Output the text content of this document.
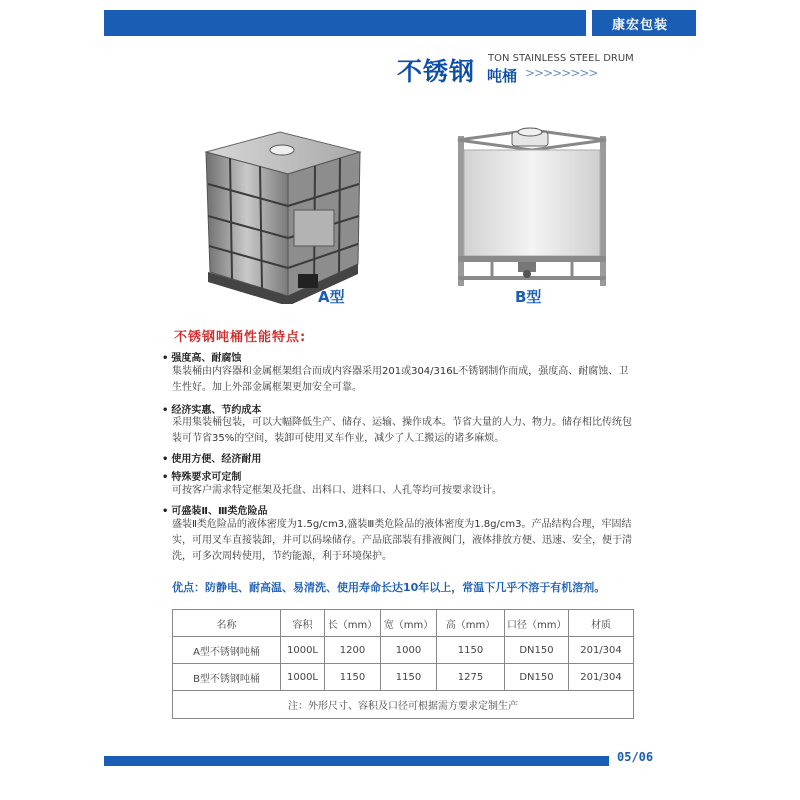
康宏包装
不锈钢 TON STAINLESS STEEL DRUM
吨桶 >>>>>>>>
A型	B型
不锈钢吨桶性能特点:
• 强度高、耐腐蚀
集装桶由内容器和金属框架组合而成内容器采用201或304/316L不锈钢制作而成，强度高、耐腐蚀、卫生性好。加上外部金属框架更加安全可靠。
• 经济实惠、节约成本
采用集装桶包装，可以大幅降低生产、储存、运输、操作成本。节省大量的人力、物力。储存相比传统包装可节省35%的空间，装卸可使用叉车作业，减少了人工搬运的诸多麻烦。
• 使用方便、经济耐用
• 特殊要求可定制
可按客户需求特定框架及托盘、出料口、进料口、人孔等均可按要求设计。
• 可盛装Ⅱ、Ⅲ类危险品
盛装Ⅱ类危险品的液体密度为1.5g/cm3,盛装Ⅲ类危险品的液体密度为1.8g/cm3。产品结构合理，牢固结实，可用叉车直接装卸，并可以码垛储存。产品底部装有排液阀门，液体排放方便、迅速、安全，便于清洗，可多次周转使用，节约能源，利于环境保护。
优点：防静电、耐高温、易清洗、使用寿命长达10年以上，常温下几乎不溶于有机溶剂。
名称	容积	长（mm）	宽（mm）	高（mm）	口径（mm）	材质
A型不锈钢吨桶	1000L	1200	1000	1150	DN150	201/304
B型不锈钢吨桶	1000L	1150	1150	1275	DN150	201/304
注：外形尺寸、容积及口径可根据需方要求定制生产						
05/06
